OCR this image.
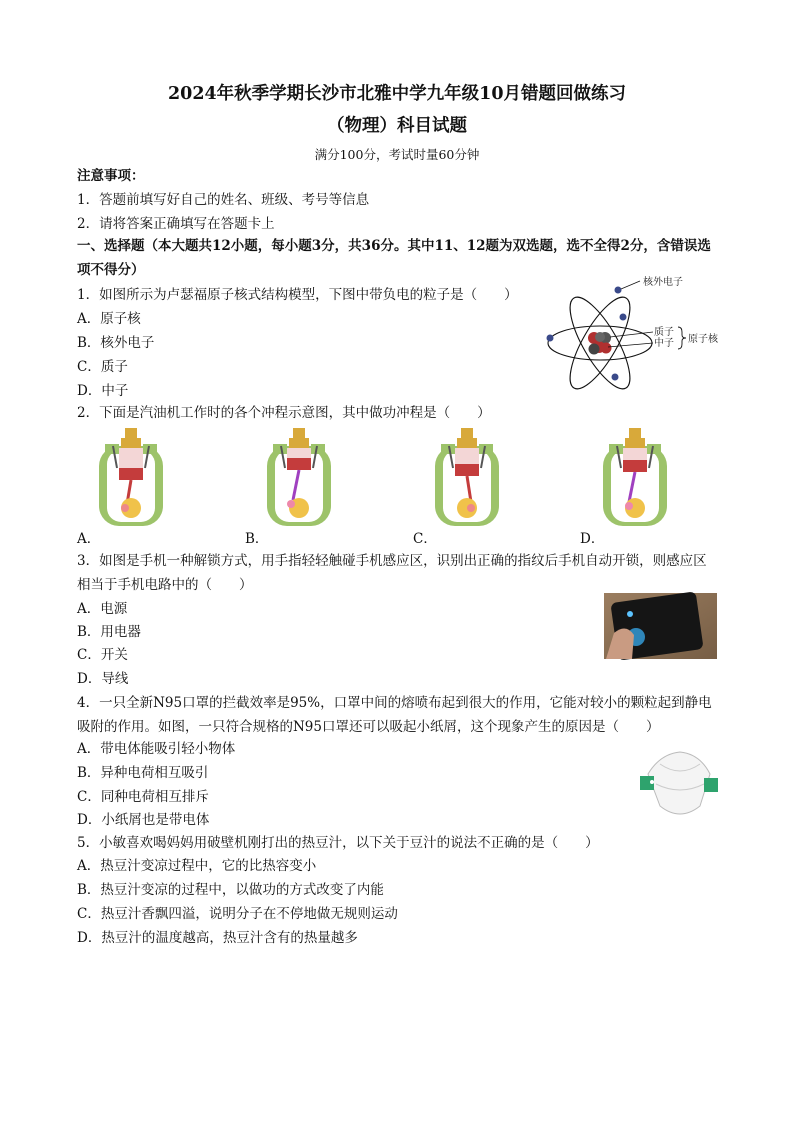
2024年秋季学期长沙市北雅中学九年级10月错题回做练习
（物理）科目试题
满分100分，考试时量60分钟
注意事项：
1．答题前填写好自己的姓名、班级、考号等信息
2．请将答案正确填写在答题卡上
一、选择题（本大题共12小题，每小题3分，共36分。其中11、12题为双选题，选不全得2分，含错误选项不得分）
1．如图所示为卢瑟福原子核式结构模型，下图中带负电的粒子是（　　）
A．原子核
B．核外电子
C．质子
D．中子
核外电子
质子
中子 原子核
2．下面是汽油机工作时的各个冲程示意图，其中做功冲程是（　　）
A．	B．	C．	D．
3．如图是手机一种解锁方式，用手指轻轻触碰手机感应区，识别出正确的指纹后手机自动开锁，则感应区相当于手机电路中的（　　）
A．电源
B．用电器
C．开关
D．导线
4．一只全新N95口罩的拦截效率是95%，口罩中间的熔喷布起到很大的作用，它能对较小的颗粒起到静电吸附的作用。如图，一只符合规格的N95口罩还可以吸起小纸屑，这个现象产生的原因是（　　）
A．带电体能吸引轻小物体
B．异种电荷相互吸引
C．同种电荷相互排斥
D．小纸屑也是带电体
5．小敏喜欢喝妈妈用破壁机刚打出的热豆汁，以下关于豆汁的说法不正确的是（　　）
A．热豆汁变凉过程中，它的比热容变小
B．热豆汁变凉的过程中，以做功的方式改变了内能
C．热豆汁香飘四溢，说明分子在不停地做无规则运动
D．热豆汁的温度越高，热豆汁含有的热量越多
